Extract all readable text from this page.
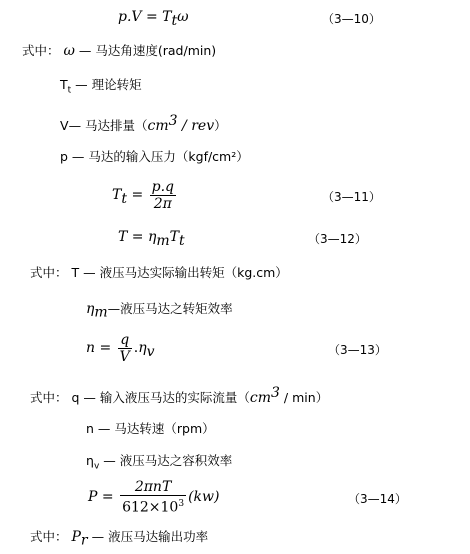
$p.V = T_t\omega$	（3—10）
式中： ω — 马达角速度(rad/min)
$T_t$ — 理论转矩
V— 马达排量$(cm^3 / rev)$
p — 马达的输入压力（kgf/cm²）
$T_t = \frac{p.q}{2\pi}$	（3—11）
$T = \eta_mT_t$	（3—12）
式中： T — 液压马达实际输出转矩（kg.cm）
$\eta_m—$液压马达之转矩效率
$n = \frac{q}{V} .\eta_v$	（3—13）
式中： q — 输入液压马达的实际流量$(cm^3 / \min)$
n — 马达转速（rpm）
$\eta_v$ — 液压马达之容积效率
$P = \frac{\text{2πnT}}{612\times 10^3} (kw)$	（3—14）
式中： $P_r$ — 液压马达输出功率
